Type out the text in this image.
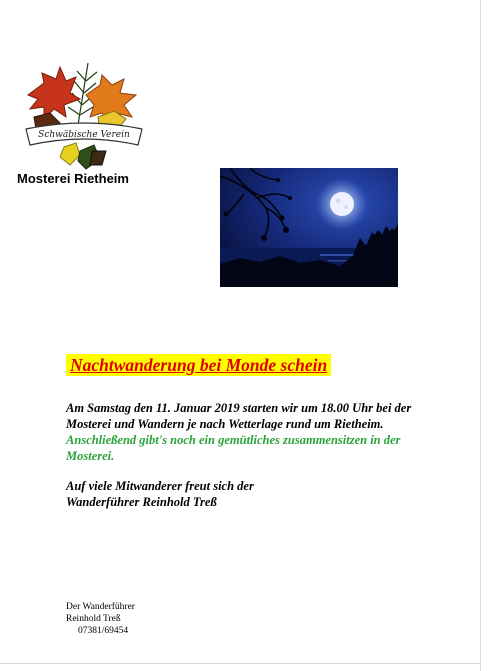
Schwäbische Verein
Mosterei Rietheim
Nachtwanderung bei Monde schein
Am Samstag den 11. Januar 2019 starten wir um 18.00 Uhr bei der
Mosterei und Wandern je nach Wetterlage rund um Rietheim.
Anschließend gibt's noch ein gemütliches zusammensitzen in der
Mosterei.
Auf viele Mitwanderer freut sich der
Wanderführer Reinhold Treß
Der Wanderführer
Reinhold Treß
07381/69454
